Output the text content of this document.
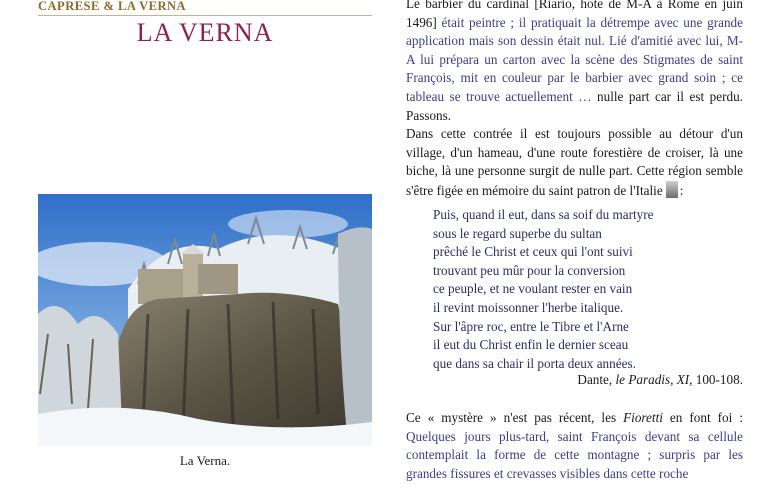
CAPRESE & LA VERNA
LA VERNA
La Verna.
Le barbier du cardinal [Riario, hôte de M-A à Rome en juin 1496] était peintre ; il pratiquait la détrempe avec une grande application mais son dessin était nul. Lié d'amitié avec lui, M-A lui prépara un carton avec la scène des Stigmates de saint François, mit en couleur par le barbier avec grand soin ; ce tableau se trouve actuellement … nulle part car il est perdu. Passons.
Dans cette contrée il est toujours possible au détour d'un village, d'un hameau, d'une route forestière de croiser, là une biche, là une personne surgit de nulle part. Cette région semble s'être figée en mémoire du saint patron de l'Italie :
Puis, quand il eut, dans sa soif du martyre
sous le regard superbe du sultan
prêché le Christ et ceux qui l'ont suivi
trouvant peu mûr pour la conversion
ce peuple, et ne voulant rester en vain
il revint moissonner l'herbe italique.
Sur l'âpre roc, entre le Tibre et l'Arne
il eut du Christ enfin le dernier sceau
que dans sa chair il porta deux années.
Dante, le Paradis, XI, 100-108.
Ce « mystère » n'est pas récent, les Fioretti en font foi :
Quelques jours plus-tard, saint François devant sa cellule contemplait la forme de cette montagne ; surpris par les grandes fissures et crevasses visibles dans cette roche
